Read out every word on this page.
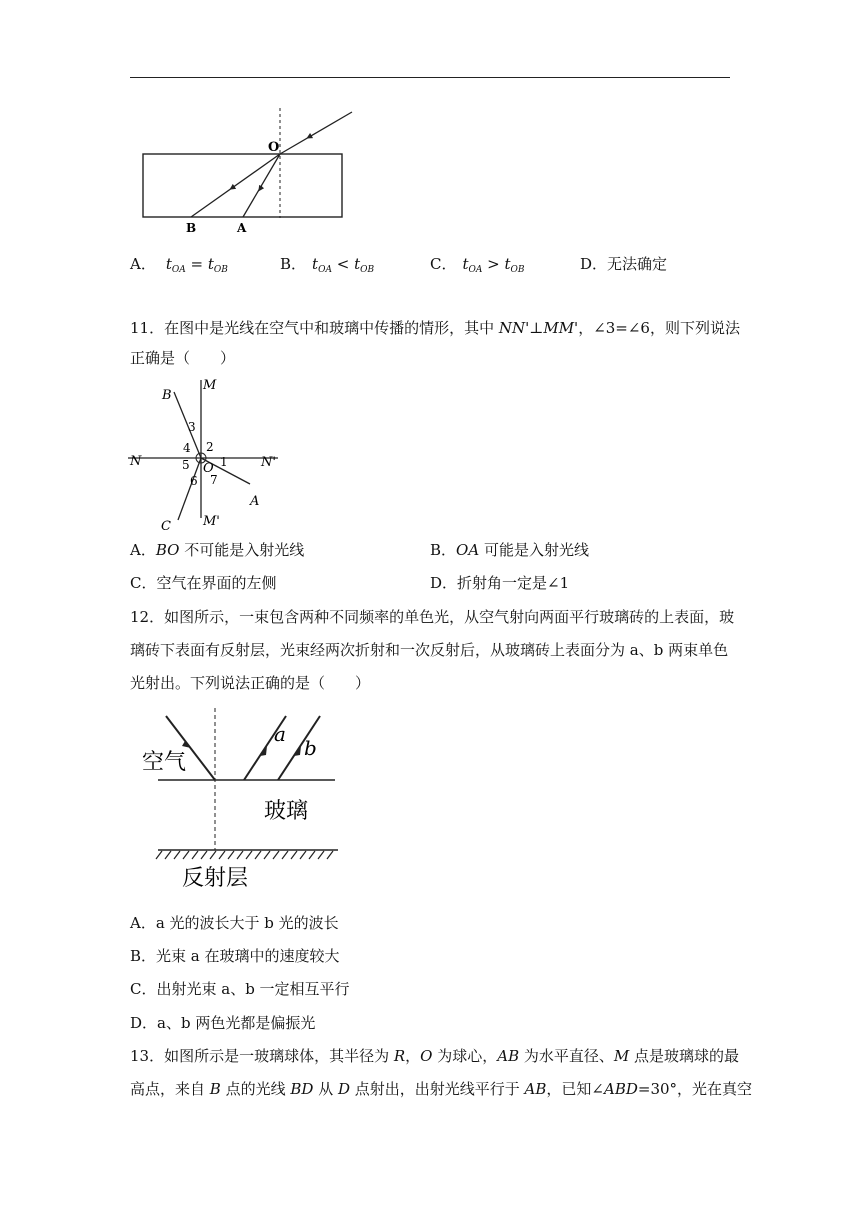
O
B	A
A． $t_{OA} = t_{OB}$	B． $t_{OA} < t_{OB}$	C． $t_{OA} > t_{OB}$	D．无法确定
11．在图中是光线在空气中和玻璃中传播的情形，其中 NN'⊥MM'，∠3=∠6，则下列说法
正确是（　　）
M
B
3
4 2
N	5 O 1	N'
6 7
A
C M'
A．BO 不可能是入射光线	B．OA 可能是入射光线
C．空气在界面的左侧	D．折射角一定是∠1
12．如图所示，一束包含两种不同频率的单色光，从空气射向两面平行玻璃砖的上表面，玻
璃砖下表面有反射层，光束经两次折射和一次反射后，从玻璃砖上表面分为 a、b 两束单色
光射出。下列说法正确的是（　　）
空气
a
b
玻璃
反射层
A．a 光的波长大于 b 光的波长
B．光束 a 在玻璃中的速度较大
C．出射光束 a、b 一定相互平行
D．a、b 两色光都是偏振光
13．如图所示是一玻璃球体，其半径为 R，O 为球心，AB 为水平直径、M 点是玻璃球的最
高点，来自 B 点的光线 BD 从 D 点射出，出射光线平行于 AB，已知∠ABD=30°，光在真空
